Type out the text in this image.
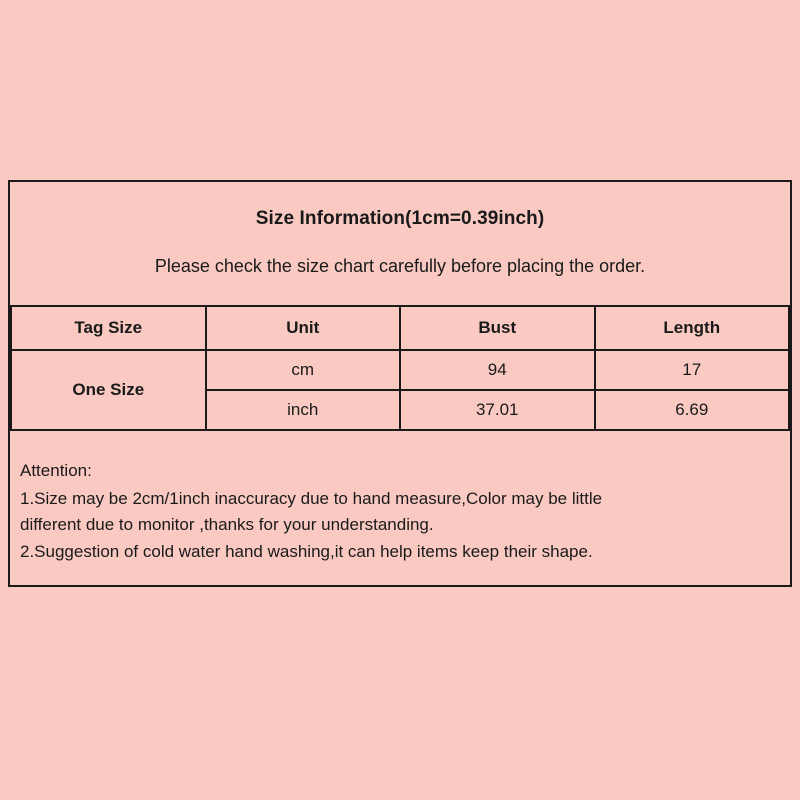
Size Information(1cm=0.39inch)
Please check the size chart carefully before placing the order.
Tag Size	Unit	Bust	Length
One Size	cm	94	17
	inch	37.01	6.69

Attention:

1.Size may be 2cm/1inch inaccuracy due to hand measure,Color may be little

different due to monitor ,thanks for your understanding.

2.Suggestion of cold water hand washing,it can help items keep their shape.
